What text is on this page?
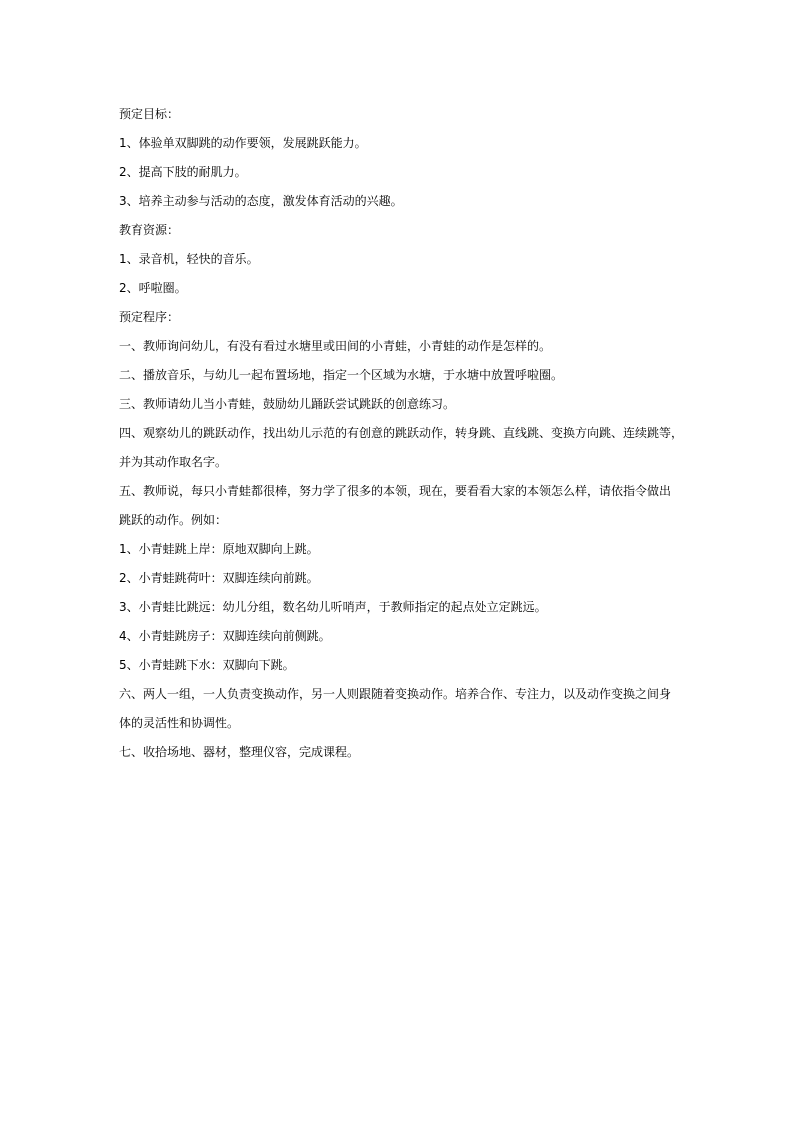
预定目标：
1、体验单双脚跳的动作要领，发展跳跃能力。
2、提高下肢的耐肌力。
3、培养主动参与活动的态度，激发体育活动的兴趣。
教育资源：
1、录音机，轻快的音乐。
2、呼啦圈。
预定程序：
一、教师询问幼儿，有没有看过水塘里或田间的小青蛙，小青蛙的动作是怎样的。
二、播放音乐，与幼儿一起布置场地，指定一个区域为水塘，于水塘中放置呼啦圈。
三、教师请幼儿当小青蛙，鼓励幼儿踊跃尝试跳跃的创意练习。
四、观察幼儿的跳跃动作，找出幼儿示范的有创意的跳跃动作，转身跳、直线跳、变换方向跳、连续跳等，
并为其动作取名字。
五、教师说，每只小青蛙都很棒，努力学了很多的本领，现在，要看看大家的本领怎么样，请依指令做出
跳跃的动作。例如：
1、小青蛙跳上岸：原地双脚向上跳。
2、小青蛙跳荷叶：双脚连续向前跳。
3、小青蛙比跳远：幼儿分组，数名幼儿听哨声，于教师指定的起点处立定跳远。
4、小青蛙跳房子：双脚连续向前侧跳。
5、小青蛙跳下水：双脚向下跳。
六、两人一组，一人负责变换动作，另一人则跟随着变换动作。培养合作、专注力，以及动作变换之间身
体的灵活性和协调性。
七、收拾场地、器材，整理仪容，完成课程。
